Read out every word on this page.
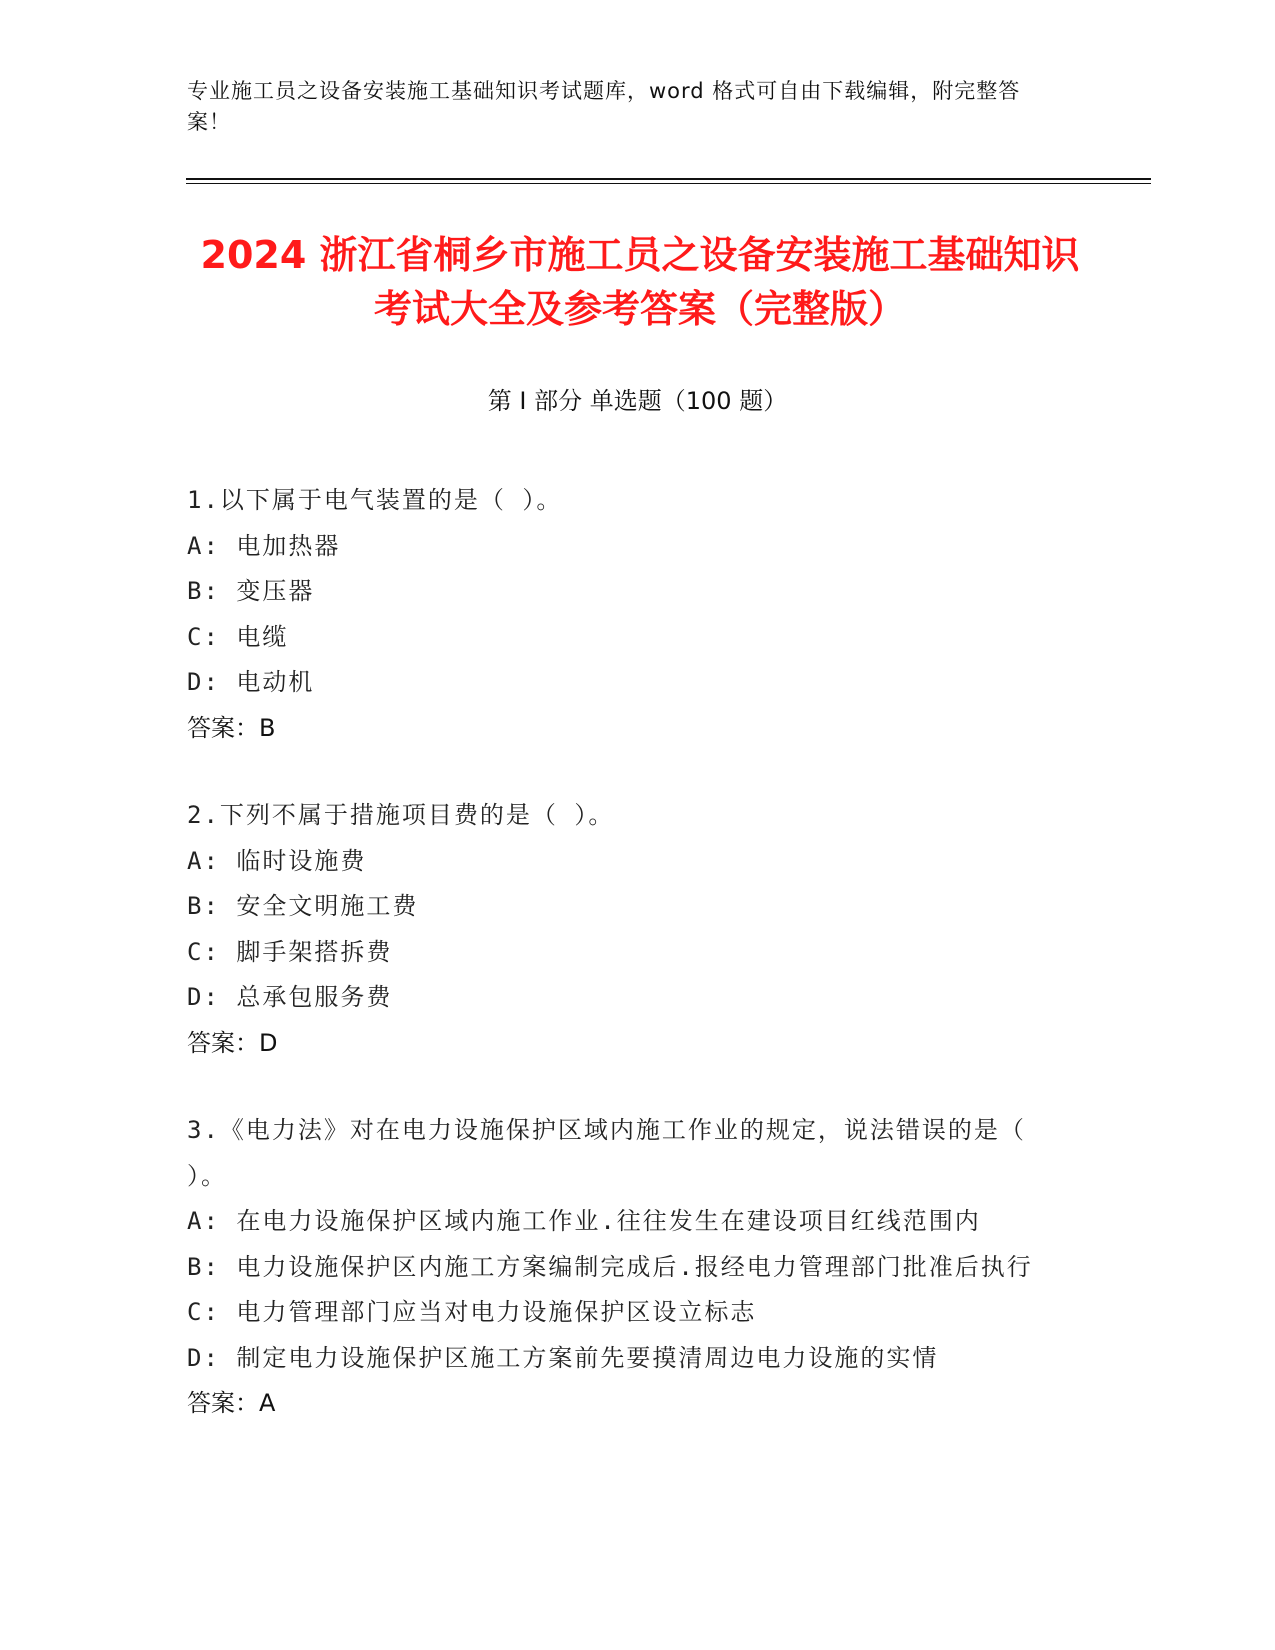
专业施工员之设备安装施工基础知识考试题库，word 格式可自由下载编辑，附完整答案！
2024 浙江省桐乡市施工员之设备安装施工基础知识考试大全及参考答案（完整版）
第 I 部分 单选题（100 题）
1.以下属于电气装置的是（ ）。
A: 电加热器
B: 变压器
C: 电缆
D: 电动机
答案：B
2.下列不属于措施项目费的是（ ）。
A: 临时设施费
B: 安全文明施工费
C: 脚手架搭拆费
D: 总承包服务费
答案：D
3.《电力法》对在电力设施保护区域内施工作业的规定，说法错误的是（ ）。
A: 在电力设施保护区域内施工作业.往往发生在建设项目红线范围内
B: 电力设施保护区内施工方案编制完成后.报经电力管理部门批准后执行
C: 电力管理部门应当对电力设施保护区设立标志
D: 制定电力设施保护区施工方案前先要摸清周边电力设施的实情
答案：A
